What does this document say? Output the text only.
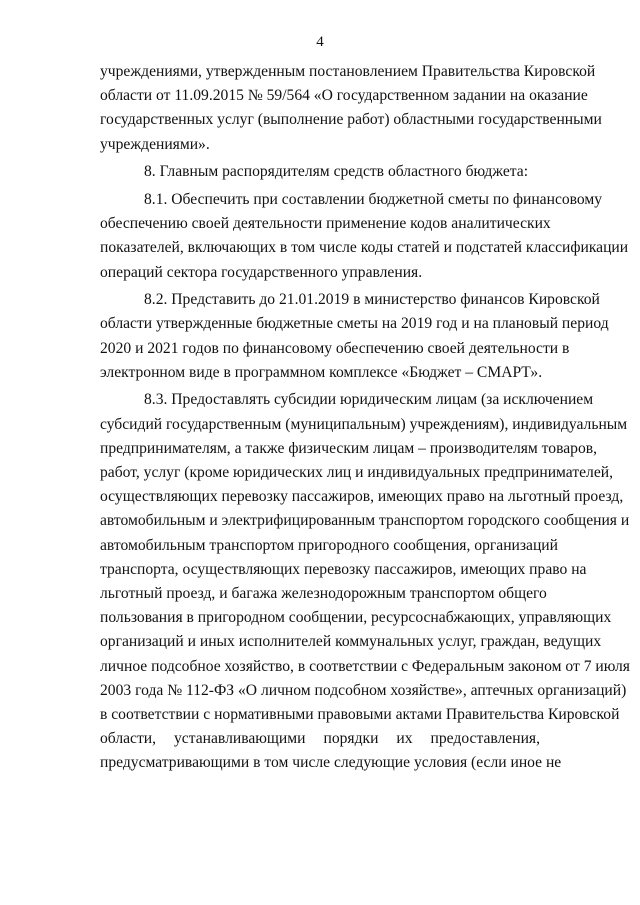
4
учреждениями, утвержденным постановлением Правительства Кировской
области от 11.09.2015 № 59/564 «О государственном задании на оказание
государственных услуг (выполнение работ) областными государственными
учреждениями».
8. Главным распорядителям средств областного бюджета:
8.1. Обеспечить при составлении бюджетной сметы по финансовому
обеспечению своей деятельности применение кодов аналитических
показателей, включающих в том числе коды статей и подстатей классификации
операций сектора государственного управления.
8.2. Представить до 21.01.2019 в министерство финансов Кировской
области утвержденные бюджетные сметы на 2019 год и на плановый период
2020 и 2021 годов по финансовому обеспечению своей деятельности в
электронном виде в программном комплексе «Бюджет – СМАРТ».
8.3. Предоставлять субсидии юридическим лицам (за исключением
субсидий государственным (муниципальным) учреждениям), индивидуальным
предпринимателям, а также физическим лицам – производителям товаров,
работ, услуг (кроме юридических лиц и индивидуальных предпринимателей,
осуществляющих перевозку пассажиров, имеющих право на льготный проезд,
автомобильным и электрифицированным транспортом городского сообщения и
автомобильным транспортом пригородного сообщения, организаций
транспорта, осуществляющих перевозку пассажиров, имеющих право на
льготный проезд, и багажа железнодорожным транспортом общего
пользования в пригородном сообщении, ресурсоснабжающих, управляющих
организаций и иных исполнителей коммунальных услуг, граждан, ведущих
личное подсобное хозяйство, в соответствии с Федеральным законом от 7 июля
2003 года № 112-ФЗ «О личном подсобном хозяйстве», аптечных организаций)
в соответствии с нормативными правовыми актами Правительства Кировской
области, устанавливающими порядки их предоставления,
предусматривающими в том числе следующие условия (если иное не
